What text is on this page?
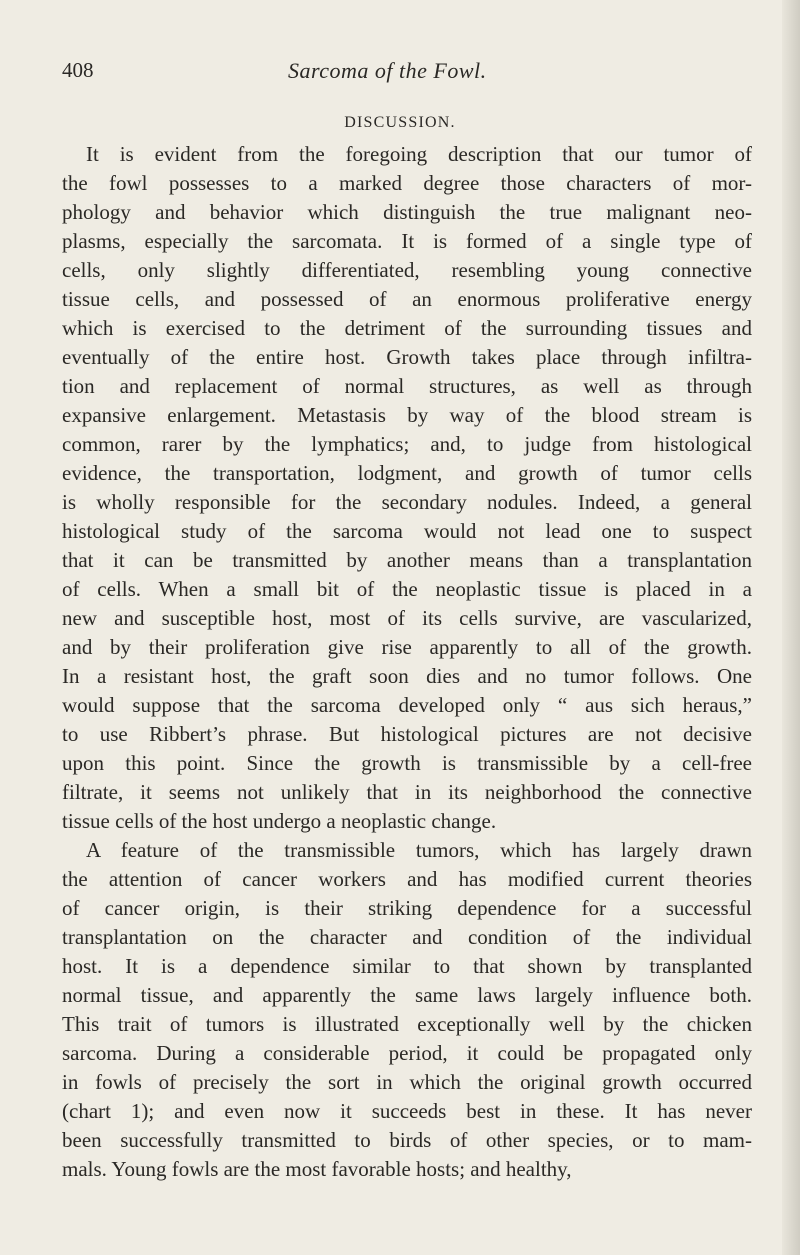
408	Sarcoma of the Fowl.
DISCUSSION.
It is evident from the foregoing description that our tumor of
the fowl possesses to a marked degree those characters of mor-
phology and behavior which distinguish the true malignant neo-
plasms, especially the sarcomata. It is formed of a single type of
cells, only slightly differentiated, resembling young connective
tissue cells, and possessed of an enormous proliferative energy
which is exercised to the detriment of the surrounding tissues and
eventually of the entire host. Growth takes place through infiltra-
tion and replacement of normal structures, as well as through
expansive enlargement. Metastasis by way of the blood stream is
common, rarer by the lymphatics; and, to judge from histological
evidence, the transportation, lodgment, and growth of tumor cells
is wholly responsible for the secondary nodules. Indeed, a general
histological study of the sarcoma would not lead one to suspect
that it can be transmitted by another means than a transplantation
of cells. When a small bit of the neoplastic tissue is placed in a
new and susceptible host, most of its cells survive, are vascularized,
and by their proliferation give rise apparently to all of the growth.
In a resistant host, the graft soon dies and no tumor follows. One
would suppose that the sarcoma developed only “ aus sich heraus,”
to use Ribbert’s phrase. But histological pictures are not decisive
upon this point. Since the growth is transmissible by a cell-free
filtrate, it seems not unlikely that in its neighborhood the connective
tissue cells of the host undergo a neoplastic change.
A feature of the transmissible tumors, which has largely drawn
the attention of cancer workers and has modified current theories
of cancer origin, is their striking dependence for a successful
transplantation on the character and condition of the individual
host. It is a dependence similar to that shown by transplanted
normal tissue, and apparently the same laws largely influence both.
This trait of tumors is illustrated exceptionally well by the chicken
sarcoma. During a considerable period, it could be propagated only
in fowls of precisely the sort in which the original growth occurred
(chart 1); and even now it succeeds best in these. It has never
been successfully transmitted to birds of other species, or to mam-
mals. Young fowls are the most favorable hosts; and healthy,
